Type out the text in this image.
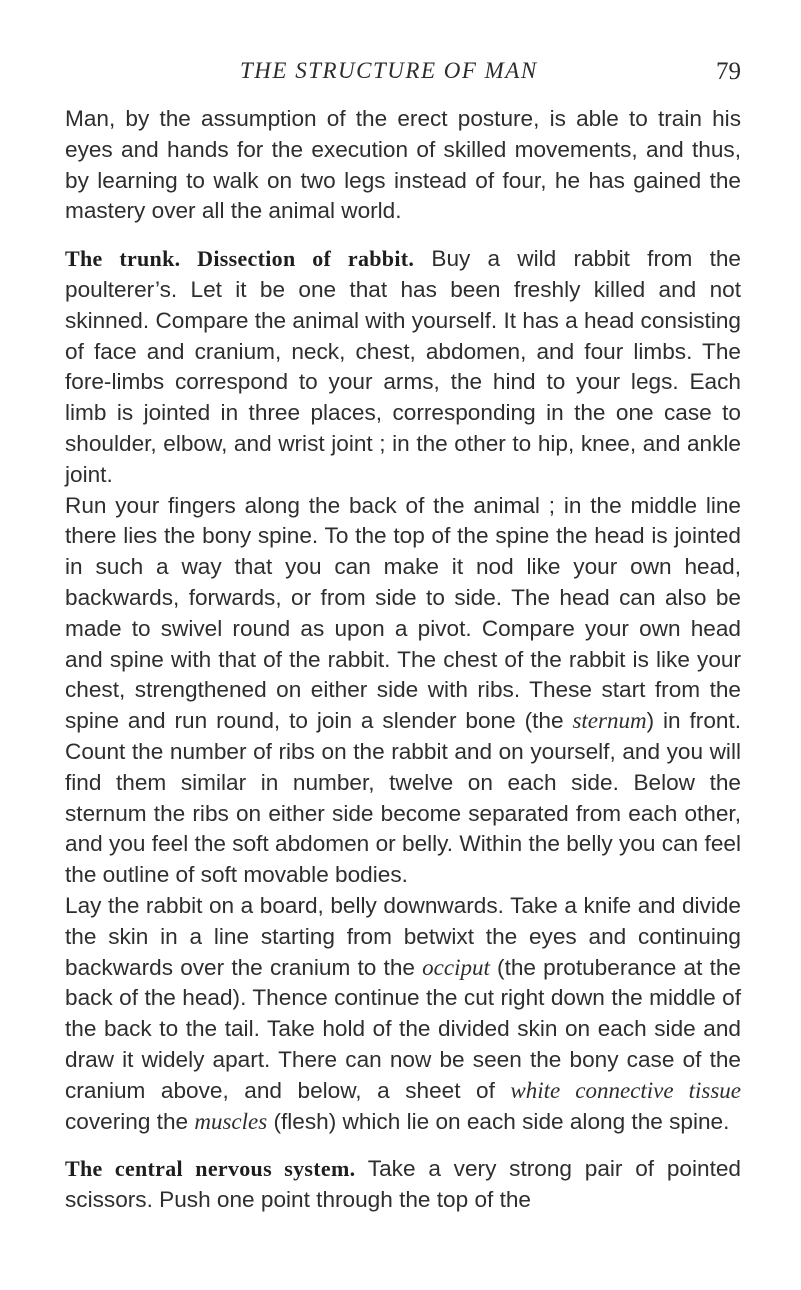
THE STRUCTURE OF MAN	79

Man, by the assumption of the erect posture, is able to train his eyes and hands for the execution of skilled movements, and thus, by learning to walk on two legs instead of four, he has gained the mastery over all the animal world.

The trunk. Dissection of rabbit. Buy a wild rabbit from the poulterer’s. Let it be one that has been freshly killed and not skinned. Compare the animal with yourself. It has a head consisting of face and cranium, neck, chest, abdomen, and four limbs. The fore-limbs correspond to your arms, the hind to your legs. Each limb is jointed in three places, corresponding in the one case to shoulder, elbow, and wrist joint ; in the other to hip, knee, and ankle joint.

Run your fingers along the back of the animal ; in the middle line there lies the bony spine. To the top of the spine the head is jointed in such a way that you can make it nod like your own head, backwards, forwards, or from side to side. The head can also be made to swivel round as upon a pivot. Compare your own head and spine with that of the rabbit. The chest of the rabbit is like your chest, strengthened on either side with ribs. These start from the spine and run round, to join a slender bone (the sternum) in front. Count the number of ribs on the rabbit and on yourself, and you will find them similar in number, twelve on each side. Below the sternum the ribs on either side become separated from each other, and you feel the soft abdomen or belly. Within the belly you can feel the outline of soft movable bodies.

Lay the rabbit on a board, belly downwards. Take a knife and divide the skin in a line starting from betwixt the eyes and continuing backwards over the cranium to the occiput (the protuberance at the back of the head). Thence continue the cut right down the middle of the back to the tail. Take hold of the divided skin on each side and draw it widely apart. There can now be seen the bony case of the cranium above, and below, a sheet of white connective tissue covering the muscles (flesh) which lie on each side along the spine.

The central nervous system. Take a very strong pair of pointed scissors. Push one point through the top of the
